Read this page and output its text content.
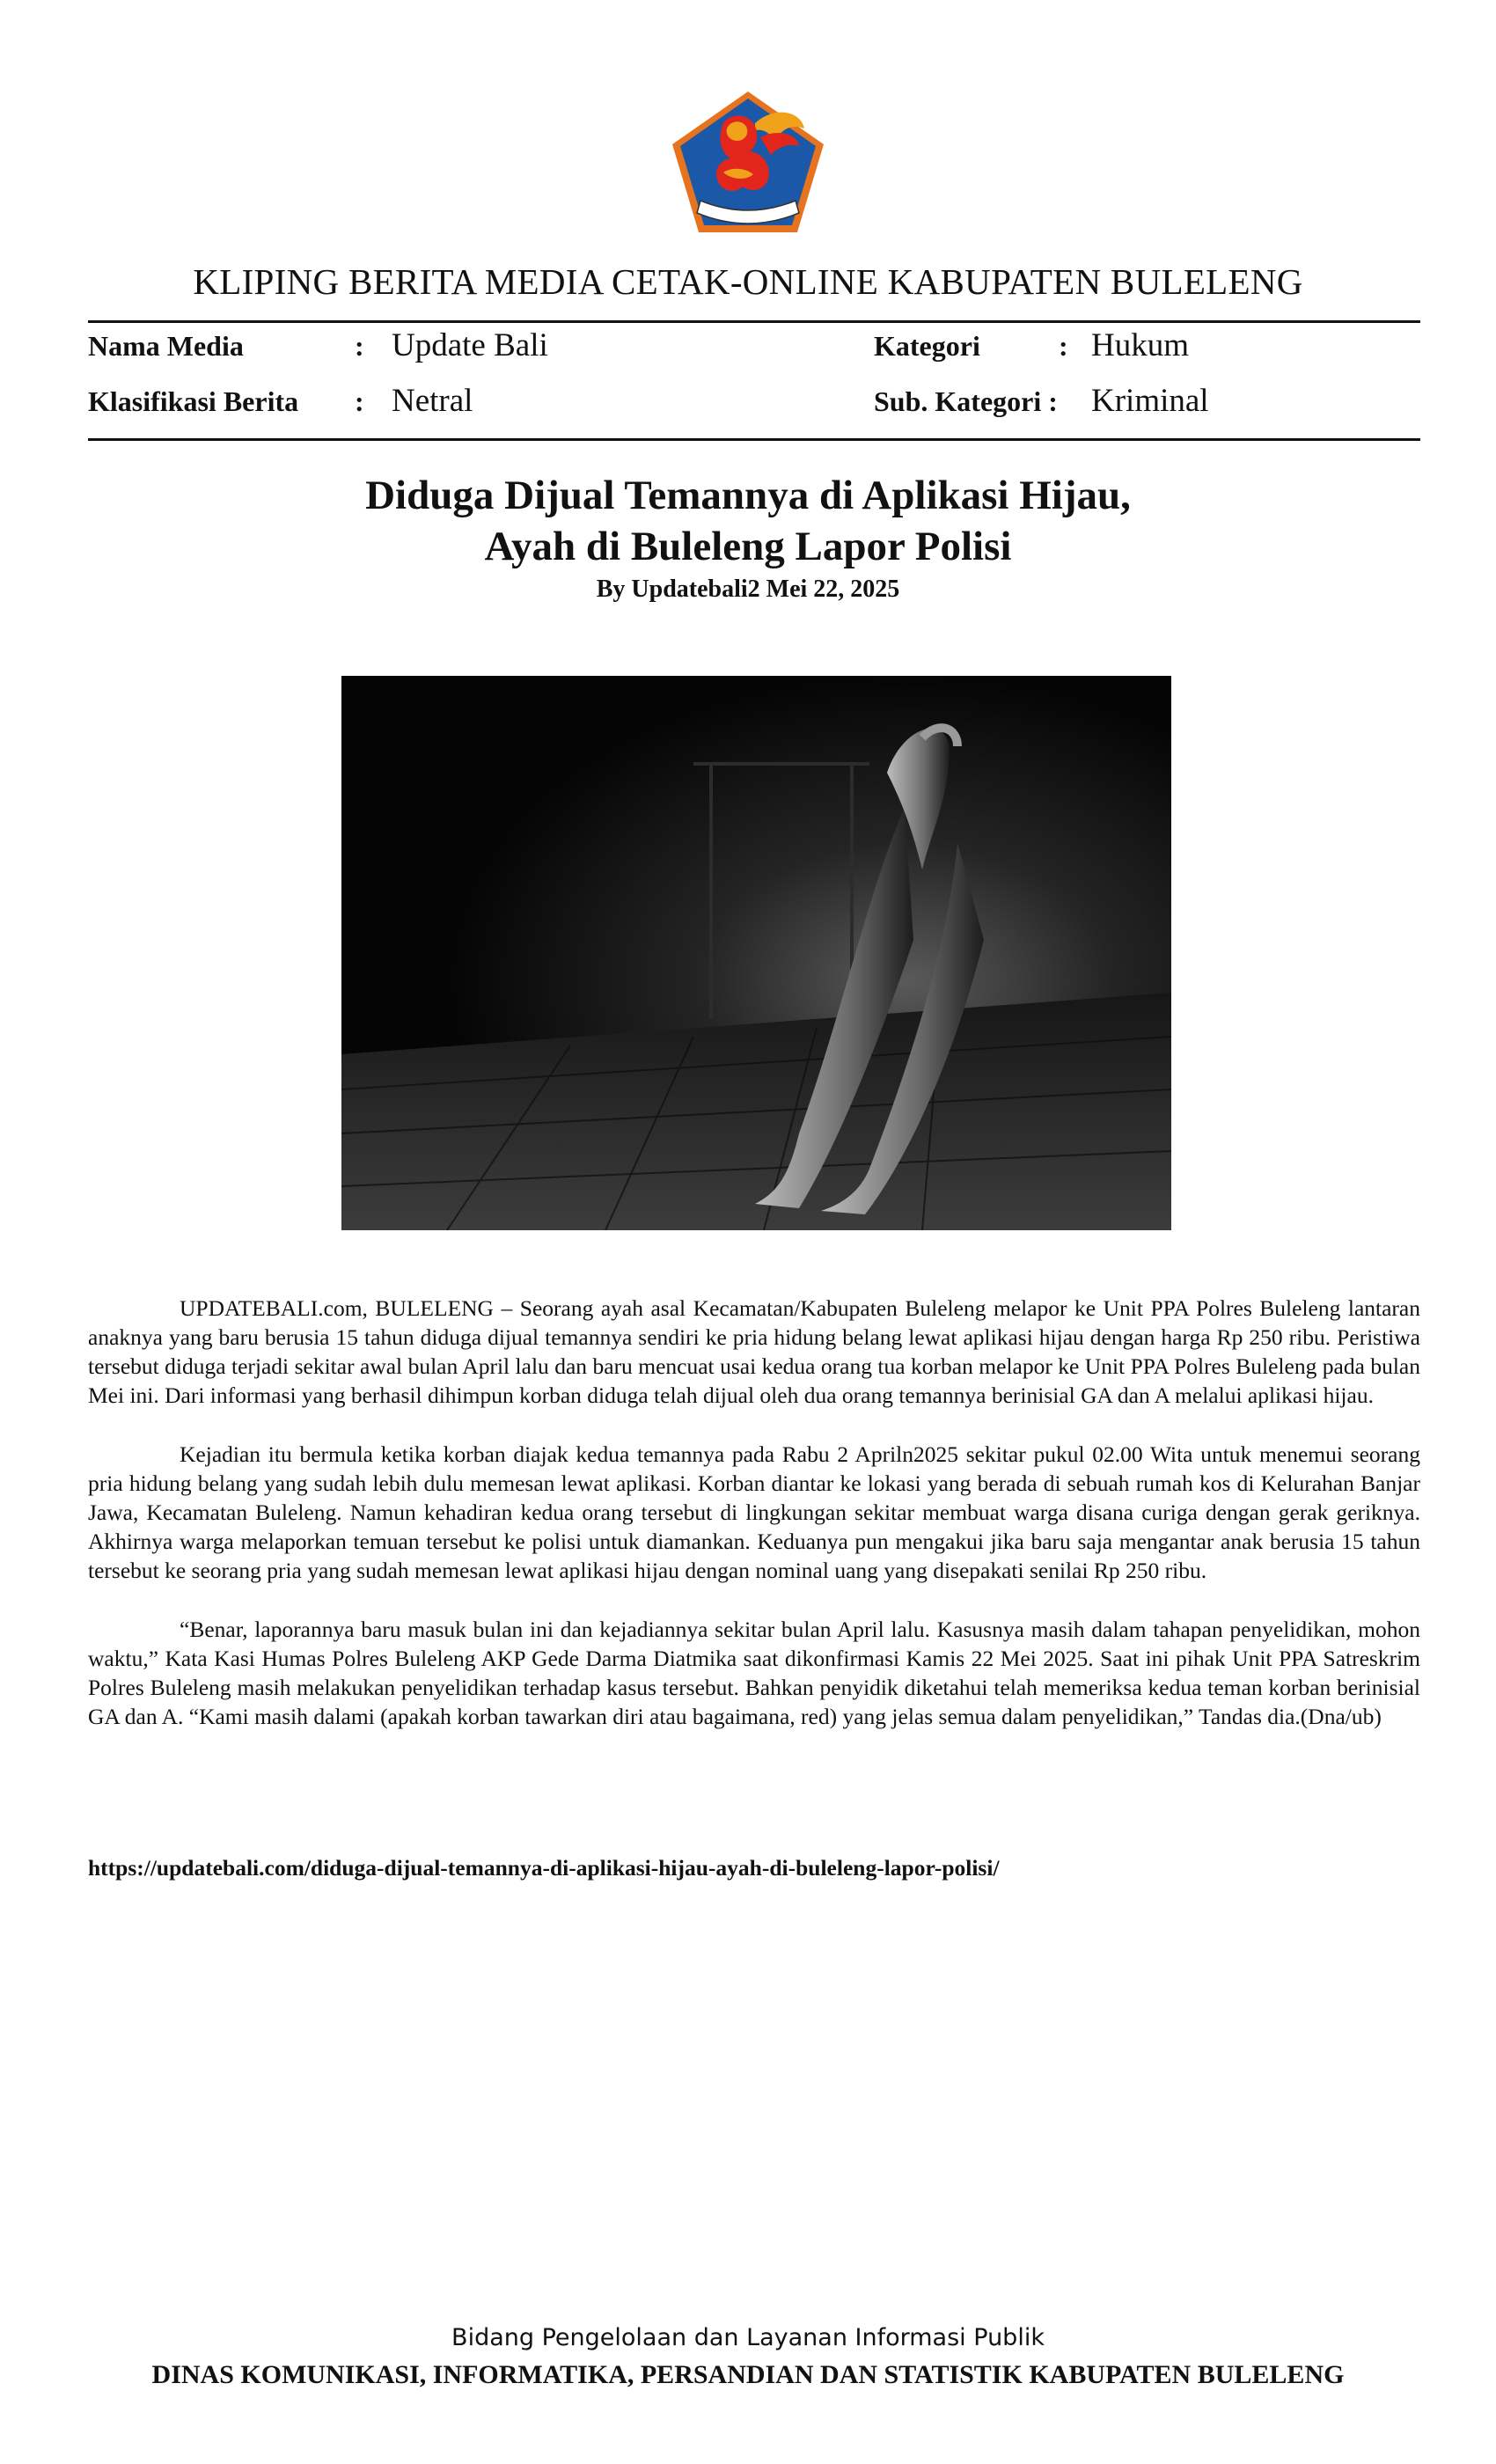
KLIPING BERITA MEDIA CETAK-ONLINE KABUPATEN BULELENG
Nama Media	: Update Bali	Kategori	: Hukum
Klasifikasi Berita : Netral	Sub. Kategori : Kriminal
Diduga Dijual Temannya di Aplikasi Hijau,
Ayah di Buleleng Lapor Polisi
By Updatebali2 Mei 22, 2025

UPDATEBALI.com, BULELENG – Seorang ayah asal Kecamatan/Kabupaten Buleleng melapor ke Unit PPA Polres Buleleng lantaran anaknya yang baru berusia 15 tahun diduga dijual temannya sendiri ke pria hidung belang lewat aplikasi hijau dengan harga Rp 250 ribu. Peristiwa tersebut diduga terjadi sekitar awal bulan April lalu dan baru mencuat usai kedua orang tua korban melapor ke Unit PPA Polres Buleleng pada bulan Mei ini. Dari informasi yang berhasil dihimpun korban diduga telah dijual oleh dua orang temannya berinisial GA dan A melalui aplikasi hijau.

Kejadian itu bermula ketika korban diajak kedua temannya pada Rabu 2 Apriln2025 sekitar pukul 02.00 Wita untuk menemui seorang pria hidung belang yang sudah lebih dulu memesan lewat aplikasi. Korban diantar ke lokasi yang berada di sebuah rumah kos di Kelurahan Banjar Jawa, Kecamatan Buleleng. Namun kehadiran kedua orang tersebut di lingkungan sekitar membuat warga disana curiga dengan gerak geriknya. Akhirnya warga melaporkan temuan tersebut ke polisi untuk diamankan. Keduanya pun mengakui jika baru saja mengantar anak berusia 15 tahun tersebut ke seorang pria yang sudah memesan lewat aplikasi hijau dengan nominal uang yang disepakati senilai Rp 250 ribu.

“Benar, laporannya baru masuk bulan ini dan kejadiannya sekitar bulan April lalu. Kasusnya masih dalam tahapan penyelidikan, mohon waktu,” Kata Kasi Humas Polres Buleleng AKP Gede Darma Diatmika saat dikonfirmasi Kamis 22 Mei 2025. Saat ini pihak Unit PPA Satreskrim Polres Buleleng masih melakukan penyelidikan terhadap kasus tersebut. Bahkan penyidik diketahui telah memeriksa kedua teman korban berinisial GA dan A. “Kami masih dalami (apakah korban tawarkan diri atau bagaimana, red) yang jelas semua dalam penyelidikan,” Tandas dia.(Dna/ub)

https://updatebali.com/diduga-dijual-temannya-di-aplikasi-hijau-ayah-di-buleleng-lapor-polisi/
Bidang Pengelolaan dan Layanan Informasi Publik
DINAS KOMUNIKASI, INFORMATIKA, PERSANDIAN DAN STATISTIK KABUPATEN BULELENG
